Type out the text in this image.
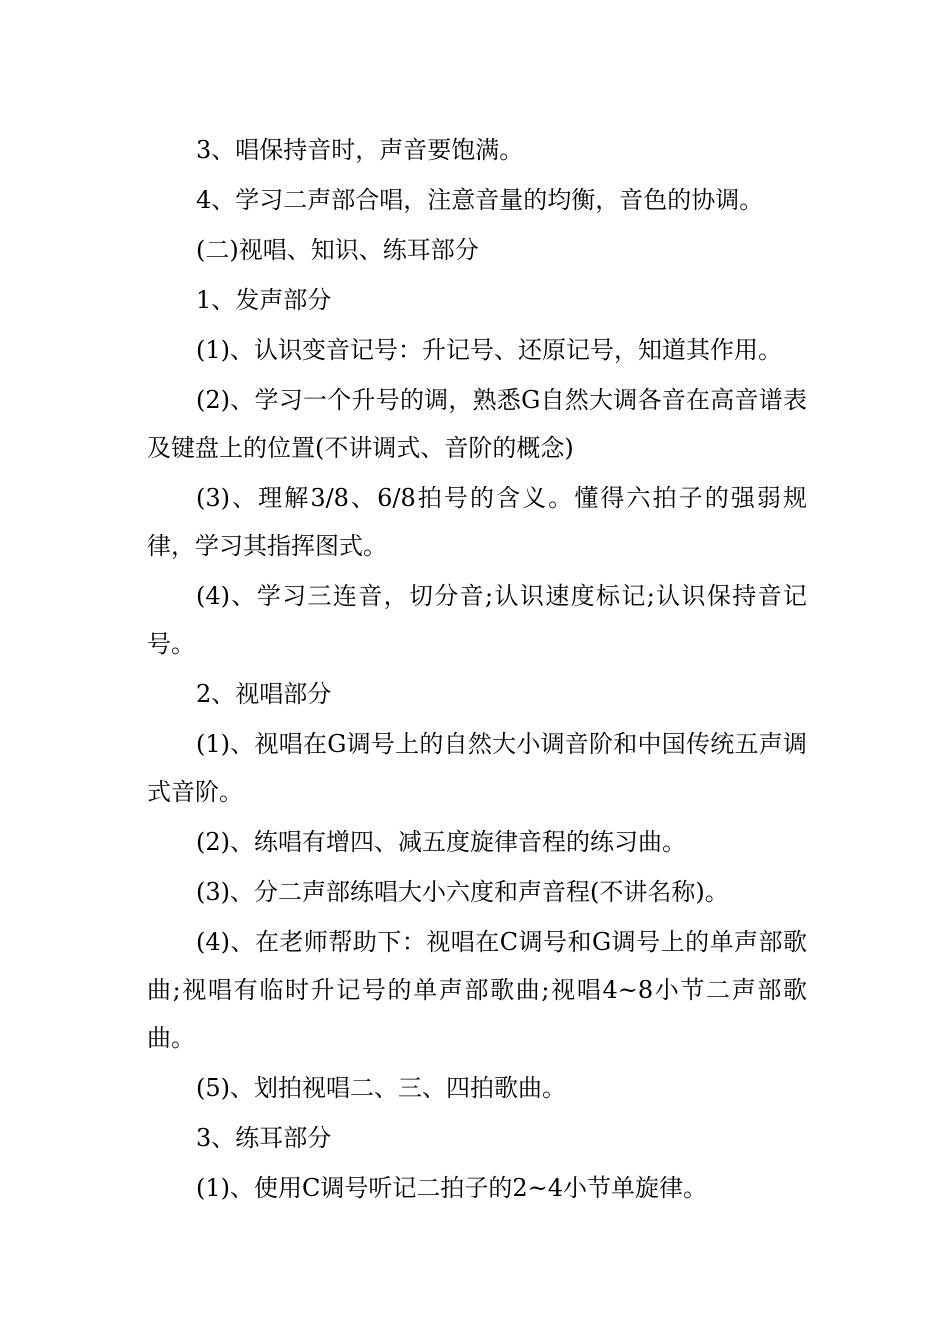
3、唱保持音时，声音要饱满。

4、学习二声部合唱，注意音量的均衡，音色的协调。

(二)视唱、知识、练耳部分

1、发声部分

(1)、认识变音记号：升记号、还原记号，知道其作用。

(2)、学习一个升号的调，熟悉G自然大调各音在高音谱表及键盘上的位置(不讲调式、音阶的概念)

(3)、理解3/8、6/8拍号的含义。懂得六拍子的强弱规律，学习其指挥图式。

(4)、学习三连音，切分音;认识速度标记;认识保持音记号。

2、视唱部分

(1)、视唱在G调号上的自然大小调音阶和中国传统五声调式音阶。

(2)、练唱有增四、减五度旋律音程的练习曲。

(3)、分二声部练唱大小六度和声音程(不讲名称)。

(4)、在老师帮助下：视唱在C调号和G调号上的单声部歌曲;视唱有临时升记号的单声部歌曲;视唱4~8小节二声部歌曲。

(5)、划拍视唱二、三、四拍歌曲。

3、练耳部分

(1)、使用C调号听记二拍子的2~4小节单旋律。
